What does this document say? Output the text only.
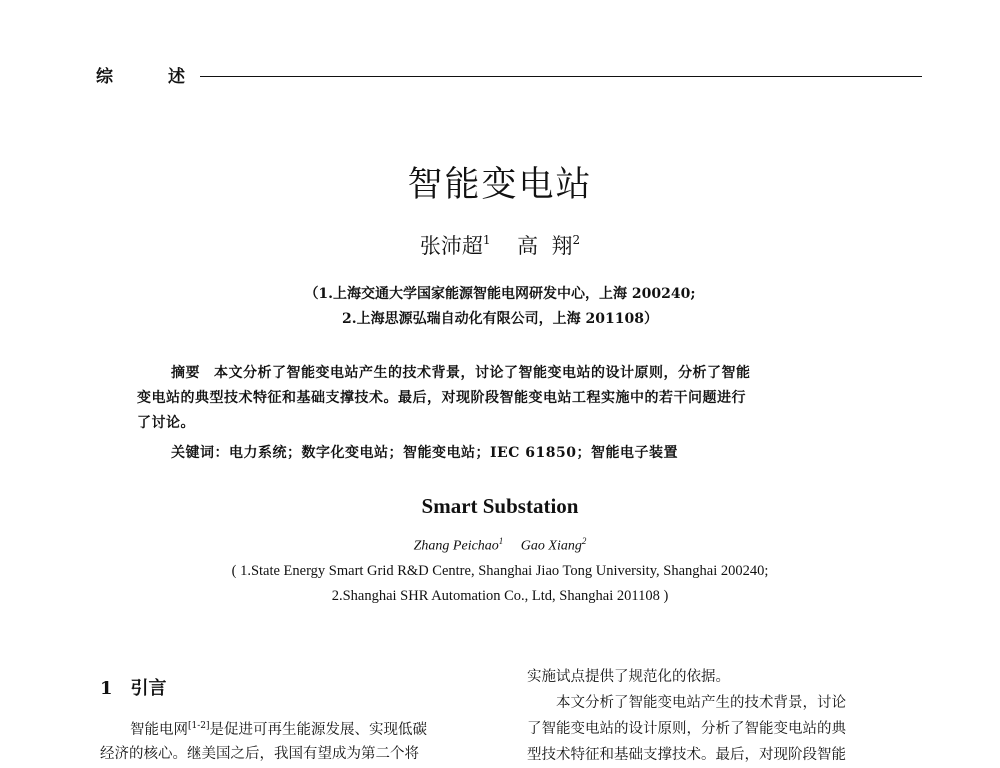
综	述
智能变电站
张沛超$^1$ 高  翔$^2$
（1.上海交通大学国家能源智能电网研发中心，上海 200240;
2.上海思源弘瑞自动化有限公司，上海 201108）
摘要 本文分析了智能变电站产生的技术背景，讨论了智能变电站的设计原则，分析了智能
变电站的典型技术特征和基础支撑技术。最后，对现阶段智能变电站工程实施中的若干问题进行
了讨论。
关键词：电力系统；数字化变电站；智能变电站；IEC 61850；智能电子装置
Smart Substation
Zhang Peichao$^1$ Gao Xiang$^2$
( 1.State Energy Smart Grid R&D Centre, Shanghai Jiao Tong University, Shanghai 200240;
2.Shanghai SHR Automation Co., Ltd, Shanghai 201108 )
1 引言
智能电网[1-2]是促进可再生能源发展、实现低碳
经济的核心。继美国之后，我国有望成为第二个将
实施试点提供了规范化的依据。
本文分析了智能变电站产生的技术背景，讨论
了智能变电站的设计原则，分析了智能变电站的典
型技术特征和基础支撑技术。最后，对现阶段智能
